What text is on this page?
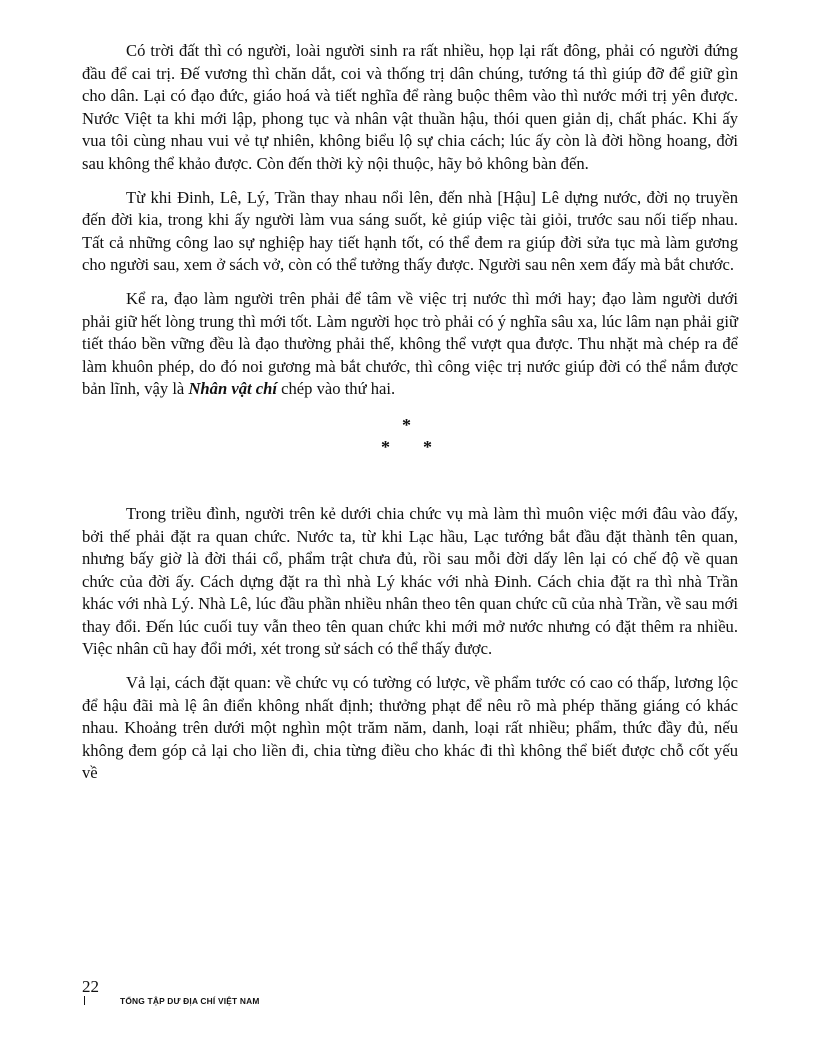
Có trời đất thì có người, loài người sinh ra rất nhiều, họp lại rất đông, phải có người đứng đầu để cai trị. Đế vương thì chăn dắt, coi và thống trị dân chúng, tướng tá thì giúp đỡ để giữ gìn cho dân. Lại có đạo đức, giáo hoá và tiết nghĩa để ràng buộc thêm vào thì nước mới trị yên được. Nước Việt ta khi mới lập, phong tục và nhân vật thuần hậu, thói quen giản dị, chất phác. Khi ấy vua tôi cùng nhau vui vẻ tự nhiên, không biểu lộ sự chia cách; lúc ấy còn là đời hồng hoang, đời sau không thể khảo được. Còn đến thời kỳ nội thuộc, hãy bỏ không bàn đến.

Từ khi Đinh, Lê, Lý, Trần thay nhau nổi lên, đến nhà [Hậu] Lê dựng nước, đời nọ truyền đến đời kia, trong khi ấy người làm vua sáng suốt, kẻ giúp việc tài giỏi, trước sau nối tiếp nhau. Tất cả những công lao sự nghiệp hay tiết hạnh tốt, có thể đem ra giúp đời sửa tục mà làm gương cho người sau, xem ở sách vở, còn có thể tưởng thấy được. Người sau nên xem đấy mà bắt chước.

Kể ra, đạo làm người trên phải để tâm về việc trị nước thì mới hay; đạo làm người dưới phải giữ hết lòng trung thì mới tốt. Làm người học trò phải có ý nghĩa sâu xa, lúc lâm nạn phải giữ tiết tháo bền vững đều là đạo thường phải thế, không thể vượt qua được. Thu nhặt mà chép ra để làm khuôn phép, do đó noi gương mà bắt chước, thì công việc trị nước giúp đời có thể nắm được bản lĩnh, vậy là Nhân vật chí chép vào thứ hai.

*
* *

Trong triều đình, người trên kẻ dưới chia chức vụ mà làm thì muôn việc mới đâu vào đấy, bởi thế phải đặt ra quan chức. Nước ta, từ khi Lạc hầu, Lạc tướng bắt đầu đặt thành tên quan, nhưng bấy giờ là đời thái cổ, phẩm trật chưa đủ, rồi sau mỗi đời dấy lên lại có chế độ về quan chức của đời ấy. Cách dựng đặt ra thì nhà Lý khác với nhà Đinh. Cách chia đặt ra thì nhà Trần khác với nhà Lý. Nhà Lê, lúc đầu phần nhiều nhân theo tên quan chức cũ của nhà Trần, về sau mới thay đổi. Đến lúc cuối tuy vẫn theo tên quan chức khi mới mở nước nhưng có đặt thêm ra nhiều. Việc nhân cũ hay đổi mới, xét trong sử sách có thể thấy được.

Vả lại, cách đặt quan: về chức vụ có tường có lược, về phẩm tước có cao có thấp, lương lộc để hậu đãi mà lệ ân điển không nhất định; thưởng phạt để nêu rõ mà phép thăng giáng có khác nhau. Khoảng trên dưới một nghìn một trăm năm, danh, loại rất nhiều; phẩm, thức đầy đủ, nếu không đem góp cả lại cho liền đi, chia từng điều cho khác đi thì không thể biết được chỗ cốt yếu về

22
TỔNG TẬP DƯ ĐỊA CHÍ VIỆT NAM
